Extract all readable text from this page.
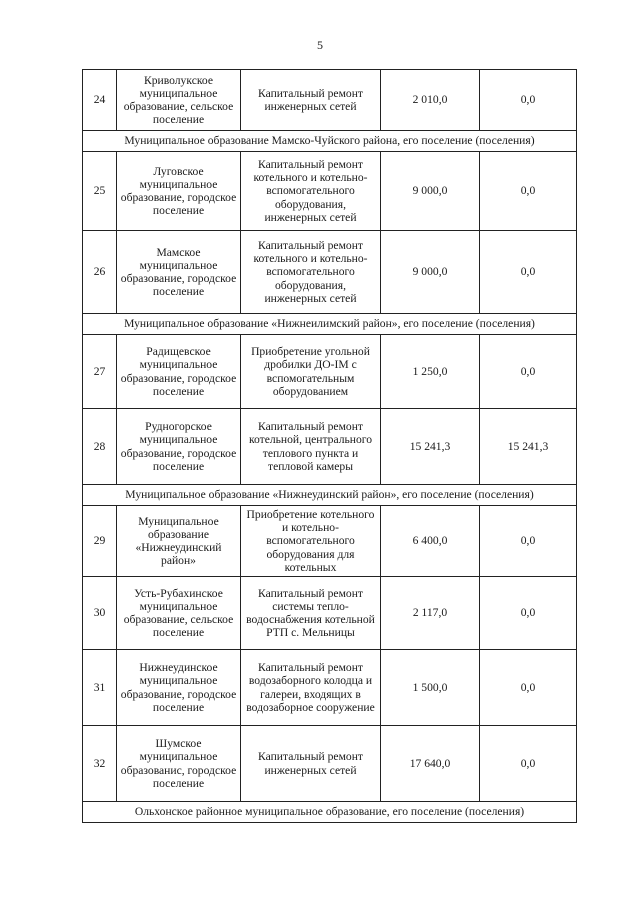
5
24	Криволукское муниципальное образование, сельское поселение	Капитальный ремонт инженерных сетей	2 010,0	0,0
Муниципальное образование Мамско-Чуйского района, его поселение (поселения)				
25	Луговское муниципальное образование, городское поселение	Капитальный ремонт котельного и котельно-вспомогательного оборудования, инженерных сетей	9 000,0	0,0
26	Мамское муниципальное образование, городское поселение	Капитальный ремонт котельного и котельно-вспомогательного оборудования, инженерных сетей	9 000,0	0,0
Муниципальное образование «Нижнеилимский район», его поселение (поселения)				
27	Радищевское муниципальное образование, городское поселение	Приобретение угольной дробилки ДО-IM с вспомогательным оборудованием	1 250,0	0,0
28	Рудногорское муниципальное образование, городское поселение	Капитальный ремонт котельной, центрального теплового пункта и тепловой камеры	15 241,3	15 241,3
Муниципальное образование «Нижнеудинский район», его поселение (поселения)				
29	Муниципальное образование «Нижнеудинский район»	Приобретение котельного и котельно-вспомогательного оборудования для котельных	6 400,0	0,0
30	Усть-Рубахинское муниципальное образование, сельское поселение	Капитальный ремонт системы тепло-водоснабжения котельной РТП с. Мельницы	2 117,0	0,0
31	Нижнеудинское муниципальное образование, городское поселение	Капитальный ремонт водозаборного колодца и галереи, входящих в водозаборное сооружение	1 500,0	0,0
32	Шумское муниципальное образованис, городское поселение	Капитальный ремонт инженерных сетей	17 640,0	0,0
Ольхонское районное муниципальное образование, его поселение (поселения)				
